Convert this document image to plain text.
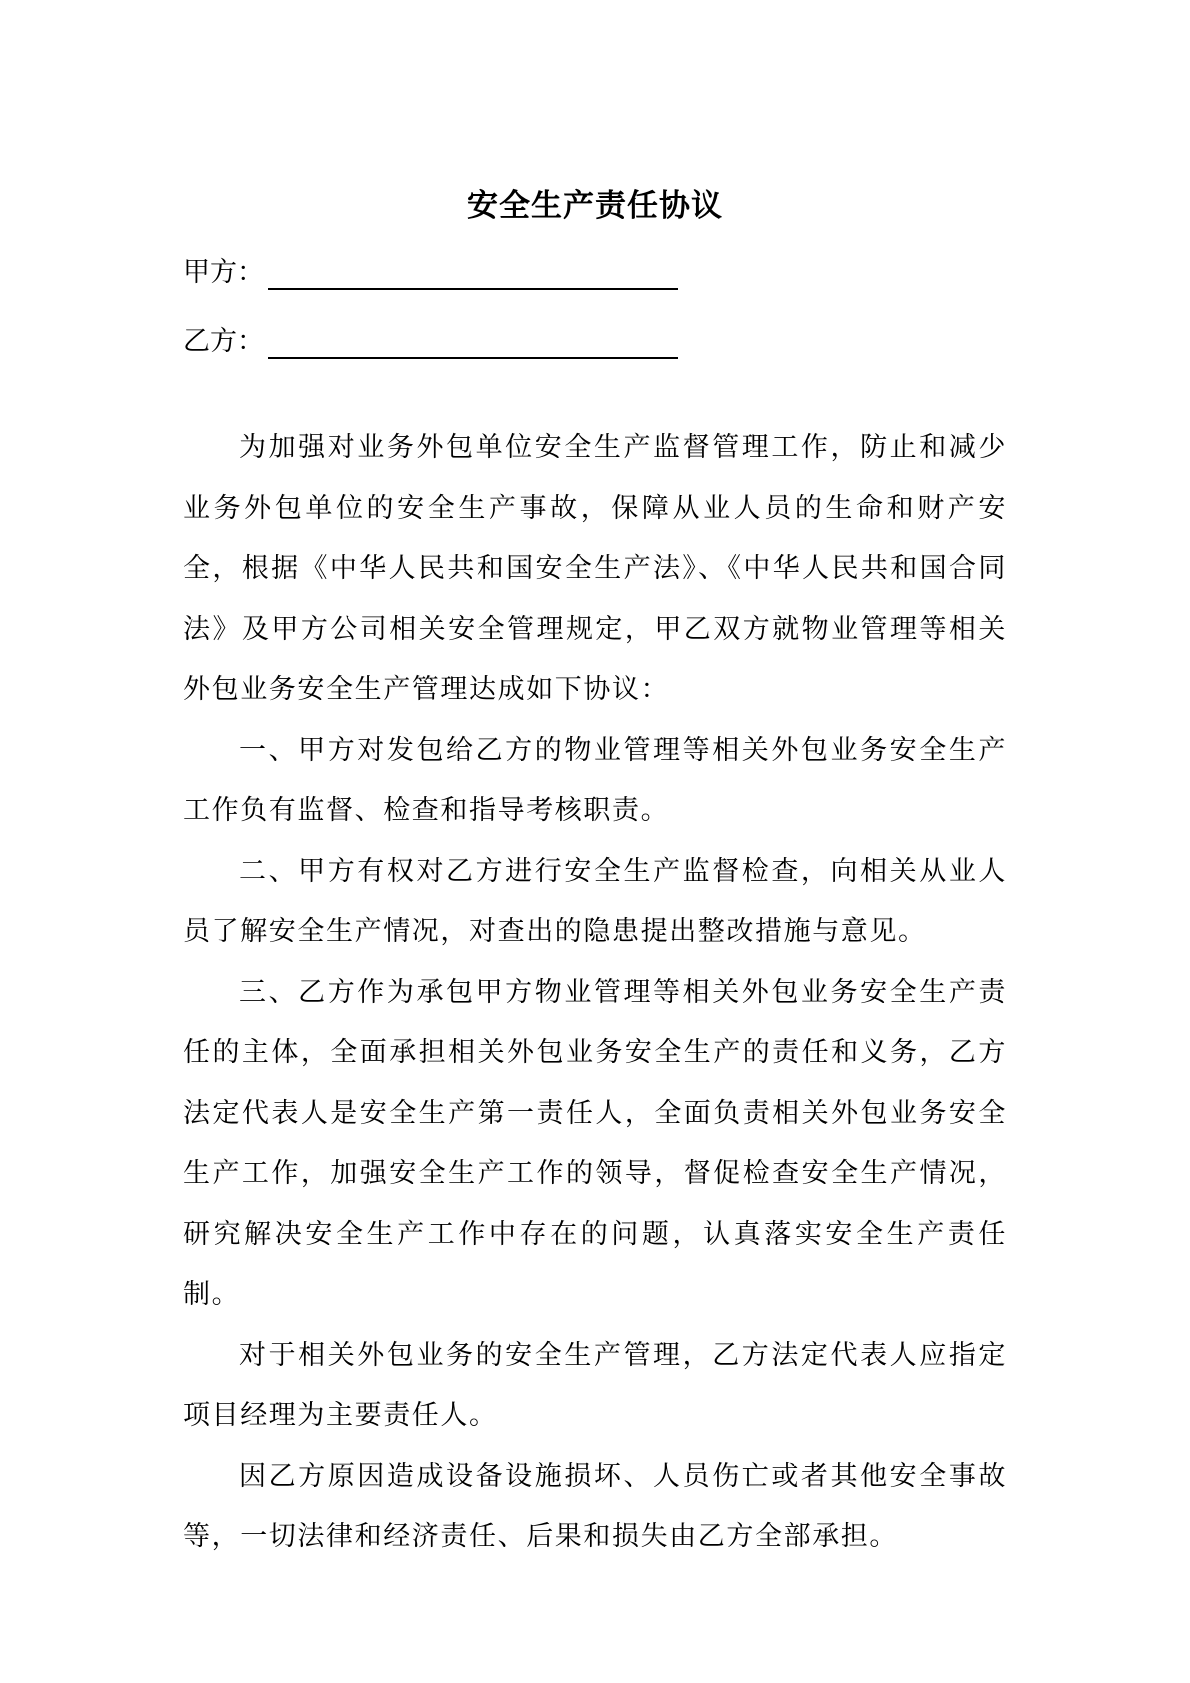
安全生产责任协议
甲方：
乙方：

为加强对业务外包单位安全生产监督管理工作，防止和减少业务外包单位的安全生产事故，保障从业人员的生命和财产安全，根据《中华人民共和国安全生产法》、《中华人民共和国合同法》及甲方公司相关安全管理规定，甲乙双方就物业管理等相关外包业务安全生产管理达成如下协议：

一、甲方对发包给乙方的物业管理等相关外包业务安全生产工作负有监督、检查和指导考核职责。

二、甲方有权对乙方进行安全生产监督检查，向相关从业人员了解安全生产情况，对查出的隐患提出整改措施与意见。

三、乙方作为承包甲方物业管理等相关外包业务安全生产责任的主体，全面承担相关外包业务安全生产的责任和义务，乙方法定代表人是安全生产第一责任人，全面负责相关外包业务安全生产工作，加强安全生产工作的领导，督促检查安全生产情况，研究解决安全生产工作中存在的问题，认真落实安全生产责任制。

对于相关外包业务的安全生产管理，乙方法定代表人应指定项目经理为主要责任人。

因乙方原因造成设备设施损坏、人员伤亡或者其他安全事故等，一切法律和经济责任、后果和损失由乙方全部承担。
